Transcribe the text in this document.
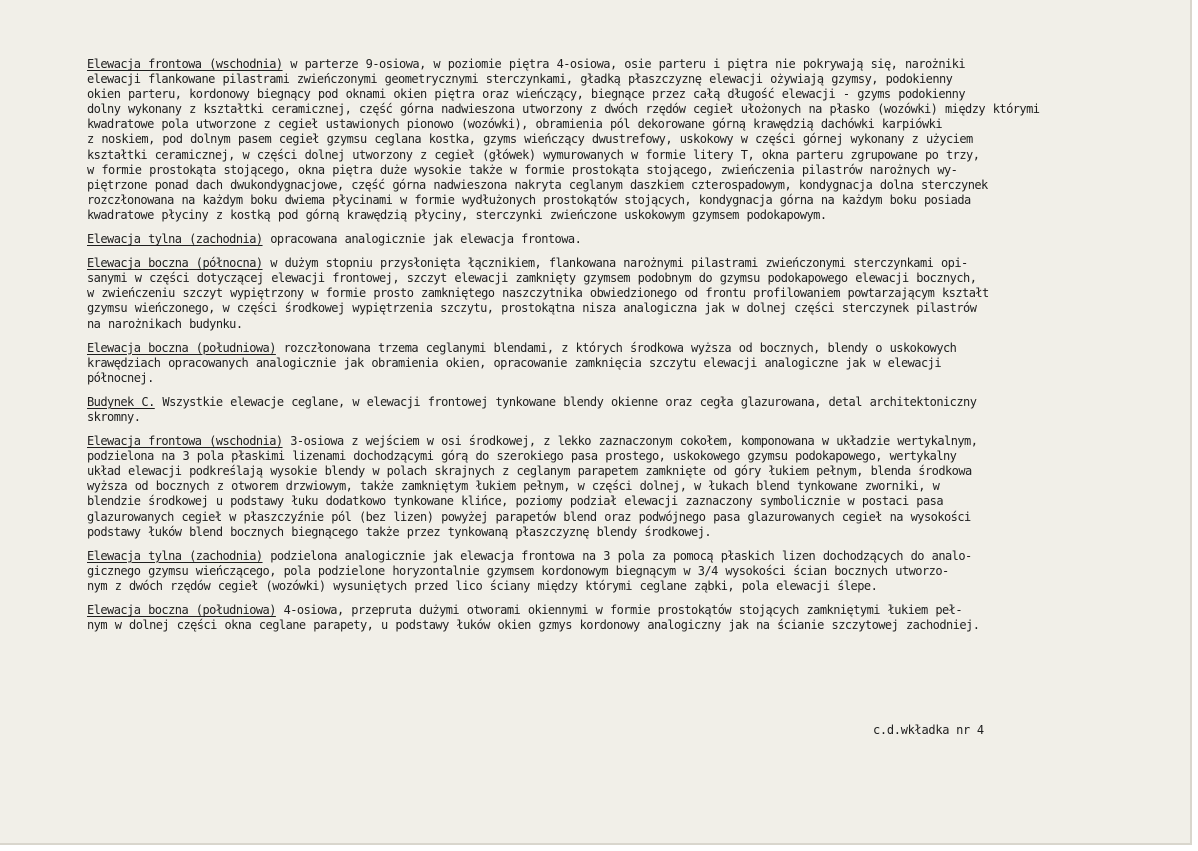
Elewacja frontowa (wschodnia) w parterze 9-osiowa, w poziomie piętra 4-osiowa, osie parteru i piętra nie pokrywają się, narożniki
elewacji flankowane pilastrami zwieńczonymi geometrycznymi sterczynkami, gładką płaszczyznę elewacji ożywiają gzymsy, podokienny
okien parteru, kordonowy biegnący pod oknami okien piętra oraz wieńczący, biegnące przez całą długość elewacji - gzyms podokienny
dolny wykonany z kształtki ceramicznej, część górna nadwieszona utworzony z dwóch rzędów cegieł ułożonych na płasko (wozówki) między którymi
kwadratowe pola utworzone z cegieł ustawionych pionowo (wozówki), obramienia pól dekorowane górną krawędzią dachówki karpiówki
z noskiem, pod dolnym pasem cegieł gzymsu ceglana kostka, gzyms wieńczący dwustrefowy, uskokowy w części górnej wykonany z użyciem
kształtki ceramicznej, w części dolnej utworzony z cegieł (główek) wymurowanych w formie litery T, okna parteru zgrupowane po trzy,
w formie prostokąta stojącego, okna piętra duże wysokie także w formie prostokąta stojącego, zwieńczenia pilastrów narożnych wy-
piętrzone ponad dach dwukondygnacjowe, część górna nadwieszona nakryta ceglanym daszkiem czterospadowym, kondygnacja dolna sterczynek
rozczłonowana na każdym boku dwiema płycinami w formie wydłużonych prostokątów stojących, kondygnacja górna na każdym boku posiada
kwadratowe płyciny z kostką pod górną krawędzią płyciny, sterczynki zwieńczone uskokowym gzymsem podokapowym.

Elewacja tylna (zachodnia) opracowana analogicznie jak elewacja frontowa.

Elewacja boczna (północna) w dużym stopniu przysłonięta łącznikiem, flankowana narożnymi pilastrami zwieńczonymi sterczynkami opi-
sanymi w części dotyczącej elewacji frontowej, szczyt elewacji zamknięty gzymsem podobnym do gzymsu podokapowego elewacji bocznych,
w zwieńczeniu szczyt wypiętrzony w formie prosto zamkniętego naszczytnika obwiedzionego od frontu profilowaniem powtarzającym kształt
gzymsu wieńczonego, w części środkowej wypiętrzenia szczytu, prostokątna nisza analogiczna jak w dolnej części sterczynek pilastrów
na narożnikach budynku.

Elewacja boczna (południowa) rozczłonowana trzema ceglanymi blendami, z których środkowa wyższa od bocznych, blendy o uskokowych
krawędziach opracowanych analogicznie jak obramienia okien, opracowanie zamknięcia szczytu elewacji analogiczne jak w elewacji
północnej.

Budynek C. Wszystkie elewacje ceglane, w elewacji frontowej tynkowane blendy okienne oraz cegła glazurowana, detal architektoniczny
skromny.

Elewacja frontowa (wschodnia) 3-osiowa z wejściem w osi środkowej, z lekko zaznaczonym cokołem, komponowana w układzie wertykalnym,
podzielona na 3 pola płaskimi lizenami dochodzącymi górą do szerokiego pasa prostego, uskokowego gzymsu podokapowego, wertykalny
układ elewacji podkreślają wysokie blendy w polach skrajnych z ceglanym parapetem zamknięte od góry łukiem pełnym, blenda środkowa
wyższa od bocznych z otworem drzwiowym, także zamkniętym łukiem pełnym, w części dolnej, w łukach blend tynkowane zworniki, w
blendzie środkowej u podstawy łuku dodatkowo tynkowane klińce, poziomy podział elewacji zaznaczony symbolicznie w postaci pasa
glazurowanych cegieł w płaszczyźnie pól (bez lizen) powyżej parapetów blend oraz podwójnego pasa glazurowanych cegieł na wysokości
podstawy łuków blend bocznych biegnącego także przez tynkowaną płaszczyznę blendy środkowej.

Elewacja tylna (zachodnia) podzielona analogicznie jak elewacja frontowa na 3 pola za pomocą płaskich lizen dochodzących do analo-
gicznego gzymsu wieńczącego, pola podzielone horyzontalnie gzymsem kordonowym biegnącym w 3/4 wysokości ścian bocznych utworzo-
nym z dwóch rzędów cegieł (wozówki) wysuniętych przed lico ściany między którymi ceglane ząbki, pola elewacji ślepe.

Elewacja boczna (południowa) 4-osiowa, przepruta dużymi otworami okiennymi w formie prostokątów stojących zamkniętymi łukiem peł-
nym w dolnej części okna ceglane parapety, u podstawy łuków okien gzmys kordonowy analogiczny jak na ścianie szczytowej zachodniej.

c.d.wkładka nr 4
